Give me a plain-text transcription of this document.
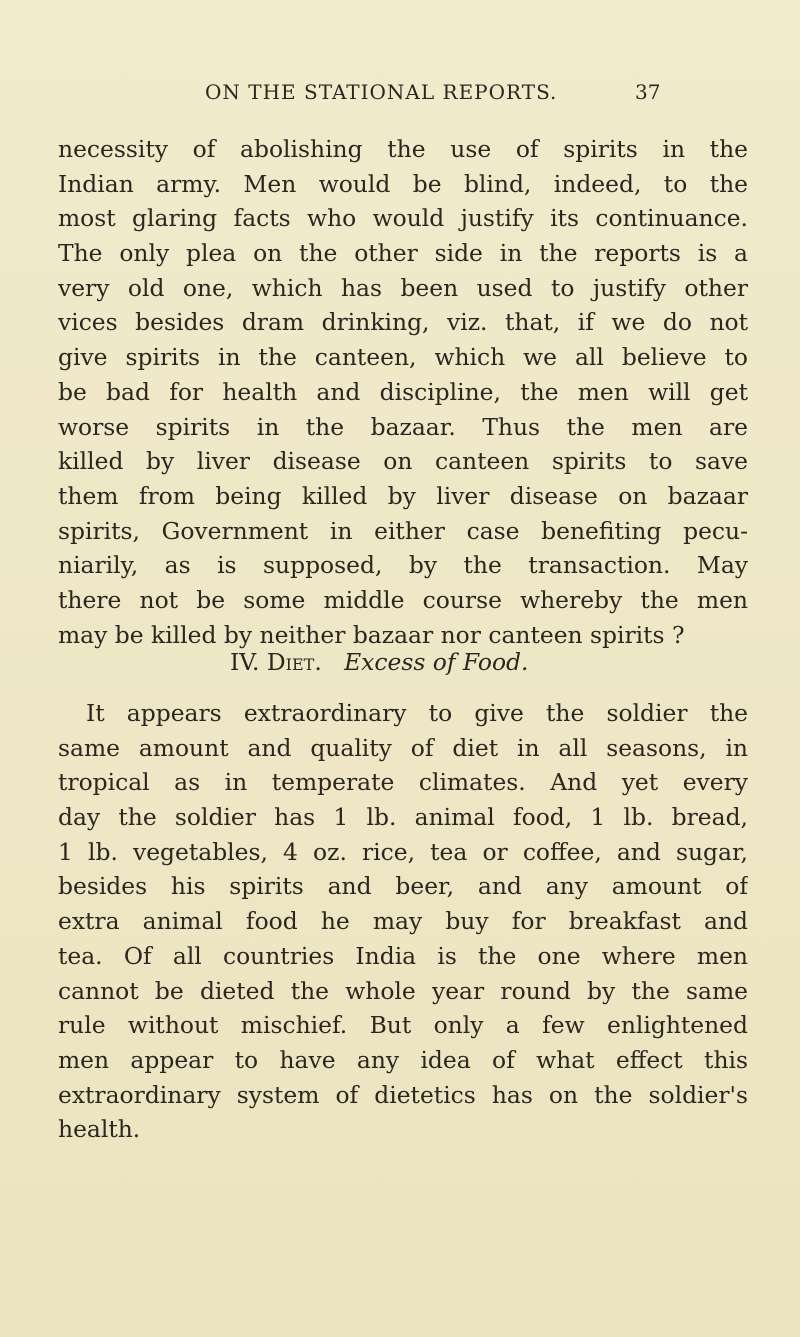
ON THE STATIONAL REPORTS.	37
necessity of abolishing the use of spirits in the
Indian army. Men would be blind, indeed, to the
most glaring facts who would justify its continuance.
The only plea on the other side in the reports is a
very old one, which has been used to justify other
vices besides dram drinking, viz. that, if we do not
give spirits in the canteen, which we all believe to
be bad for health and discipline, the men will get
worse spirits in the bazaar. Thus the men are
killed by liver disease on canteen spirits to save
them from being killed by liver disease on bazaar
spirits, Government in either case benefiting pecu-
niarily, as is supposed, by the transaction. May
there not be some middle course whereby the men
may be killed by neither bazaar nor canteen spirits ?
IV. Diet. Excess of Food.
It appears extraordinary to give the soldier the
same amount and quality of diet in all seasons, in
tropical as in temperate climates. And yet every
day the soldier has 1 lb. animal food, 1 lb. bread,
1 lb. vegetables, 4 oz. rice, tea or coffee, and sugar,
besides his spirits and beer, and any amount of
extra animal food he may buy for breakfast and
tea. Of all countries India is the one where men
cannot be dieted the whole year round by the same
rule without mischief. But only a few enlightened
men appear to have any idea of what effect this
extraordinary system of dietetics has on the soldier's
health.
